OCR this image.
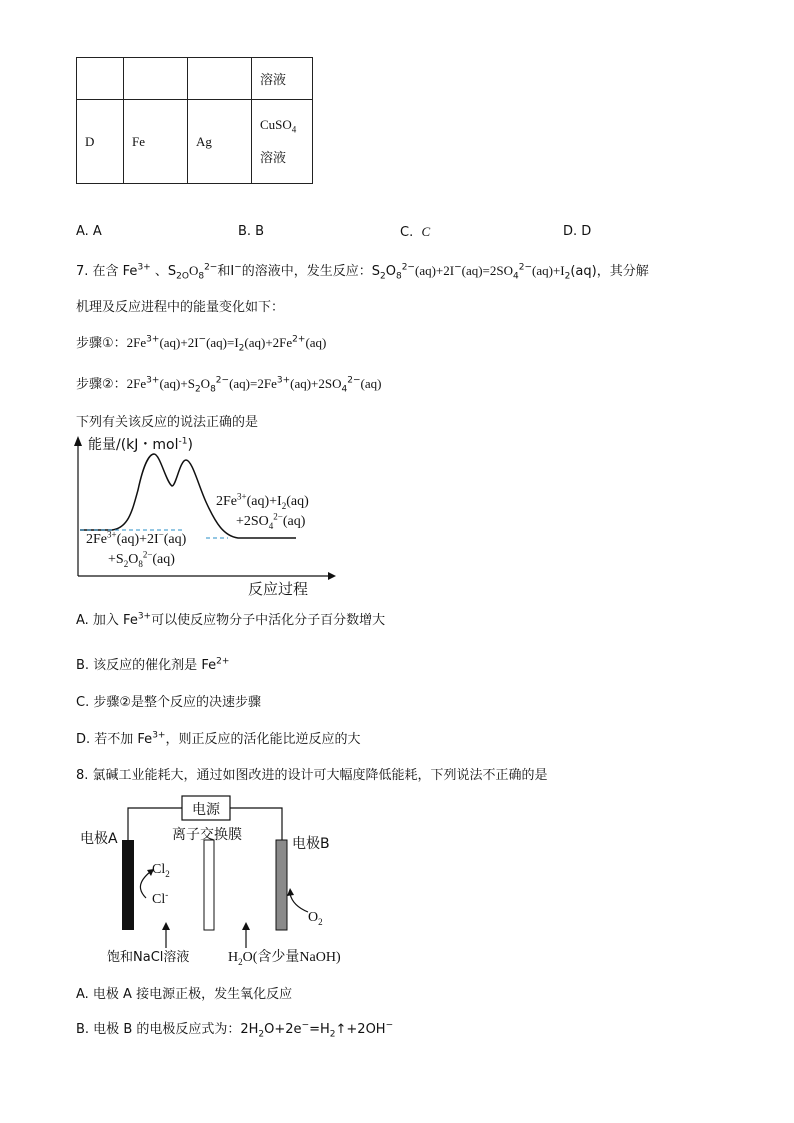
			溶液
D	Fe	Ag	CuSO$_4$
溶液
A. A	B. B	C. C	D. D
7. 在含 $Fe^{3+}$ 、$S_{2O}O_8^{2-}$和I−的溶液中，发生反应：$S_2O_8^{2-}(aq)+2I^-(aq)=2SO_4^{2-}(aq)+I_2(aq)$，其分解
机理及反应进程中的能量变化如下：
步骤①：$2Fe^{3+}(aq)+2I^-(aq)=I_2(aq)+2Fe^{2+}(aq)$
步骤②：$2Fe^{3+}(aq)+S_2O_8^{2-}(aq)=2Fe^{3+}(aq)+2SO_4^{2-}(aq)$
下列有关该反应的说法正确的是
能量/(kJ・mol$^{-1}$)
反应过程
$2Fe^{3+}(aq)+I_2(aq)$
$+2SO_4^{2-}(aq)$
$2Fe^{3+}(aq)+2I^-(aq)$
$+S_2O_8^{2-}(aq)$
A. 加入 $Fe^{3+}$可以使反应物分子中活化分子百分数增大
B. 该反应的催化剂是 $Fe^{2+}$
C. 步骤②是整个反应的决速步骤
D. 若不加 $Fe^{3+}$，则正反应的活化能比逆反应的大
8. 氯碱工业能耗大，通过如图改进的设计可大幅度降低能耗，下列说法不正确的是
电源
离子交换膜
电极A	电极B
$Cl_2$
Cl-
$O_2$
饱和NaCl溶液	$H_2O$(含少量NaOH)
A. 电极 A 接电源正极，发生氧化反应
B. 电极 B 的电极反应式为：$2H_2O+2e^-=H_2↑+2OH^-$
